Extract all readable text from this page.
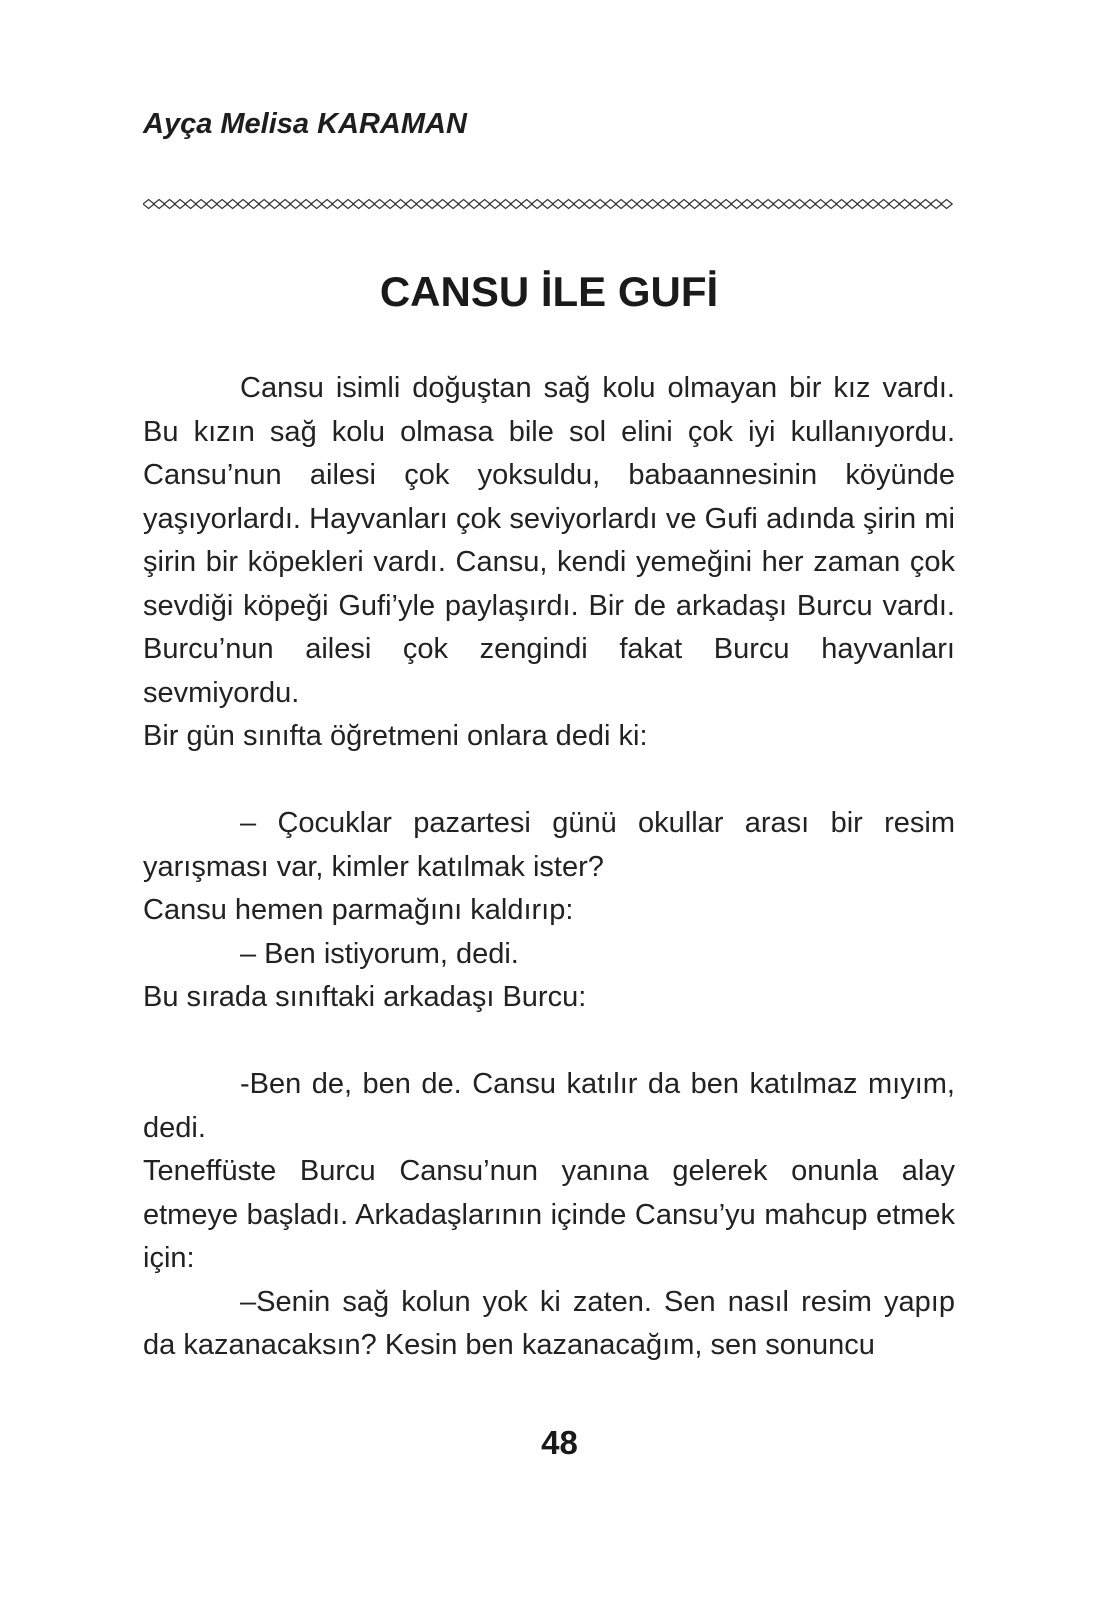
Ayça Melisa KARAMAN
CANSU İLE GUFİ

Cansu isimli doğuştan sağ kolu olmayan bir kız vardı. Bu kızın sağ kolu olmasa bile sol elini çok iyi kullanıyordu. Cansu’nun ailesi çok yoksuldu, babaannesinin köyünde yaşıyorlardı. Hayvanları çok seviyorlardı ve Gufi adında şirin mi şirin bir köpekleri vardı. Cansu, kendi yemeğini her zaman çok sevdiği köpeği Gufi’yle paylaşırdı. Bir de arkadaşı Burcu vardı. Burcu’nun ailesi çok zengindi fakat Burcu hayvanları sevmiyordu.

Bir gün sınıfta öğretmeni onlara dedi ki:

– Çocuklar pazartesi günü okullar arası bir resim yarışması var, kimler katılmak ister?

Cansu hemen parmağını kaldırıp:

– Ben istiyorum, dedi.

Bu sırada sınıftaki arkadaşı Burcu:

-Ben de, ben de. Cansu katılır da ben katılmaz mıyım, dedi.

Teneffüste Burcu Cansu’nun yanına gelerek onunla alay etmeye başladı. Arkadaşlarının içinde Cansu’yu mahcup etmek için:

–Senin sağ kolun yok ki zaten. Sen nasıl resim yapıp da kazanacaksın? Kesin ben kazanacağım, sen sonuncu

48
